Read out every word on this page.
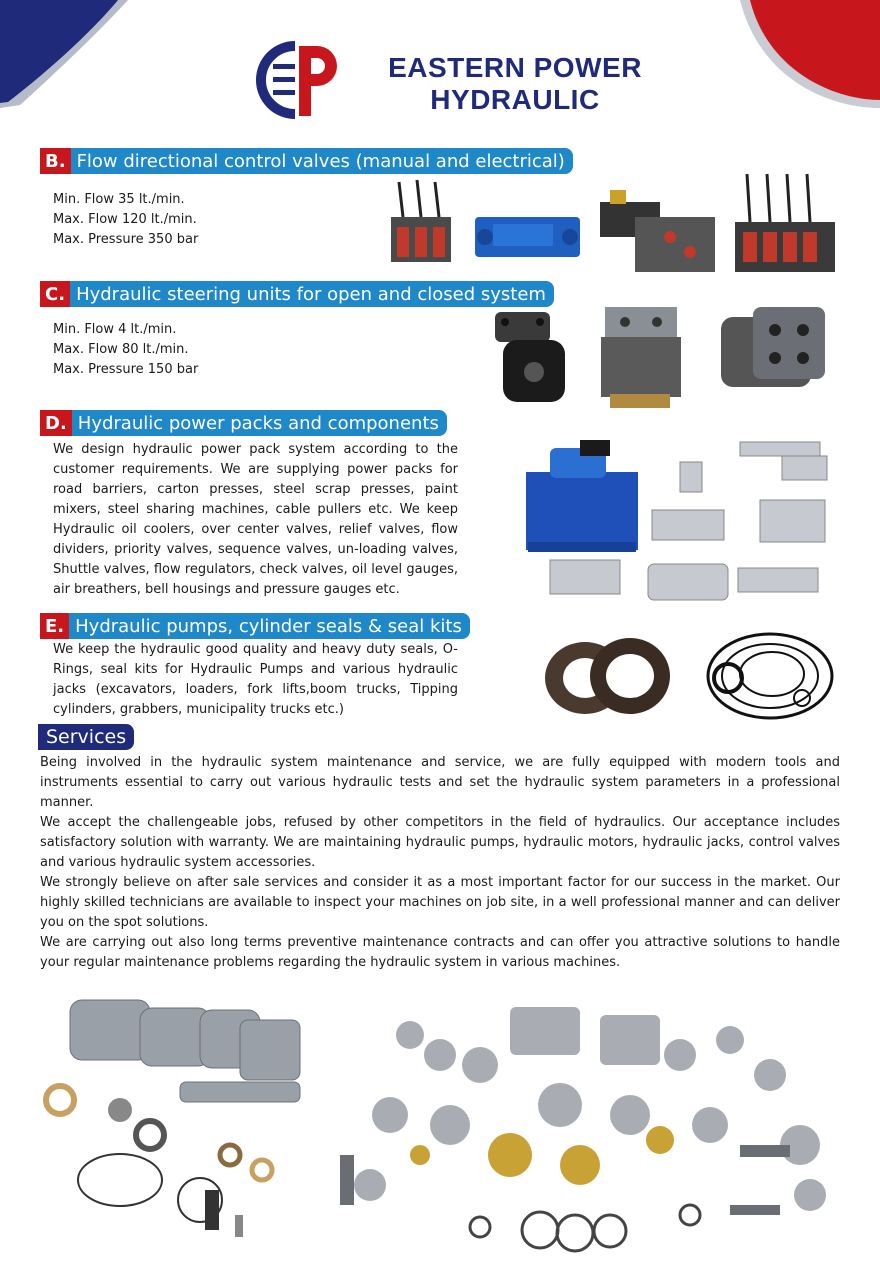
EASTERN POWER
HYDRAULIC
B. Flow directional control valves (manual and electrical)
Min. Flow 35 lt./min.
Max. Flow 120 lt./min.
Max. Pressure 350 bar
C. Hydraulic steering units for open and closed system
Min. Flow 4 lt./min.
Max. Flow 80 lt./min.
Max. Pressure 150 bar
D. Hydraulic power packs and components
We design hydraulic power pack system according to the customer requirements. We are supplying power packs for road barriers, carton presses, steel scrap presses, paint mixers, steel sharing machines, cable pullers etc. We keep Hydraulic oil coolers, over center valves, relief valves, flow dividers, priority valves, sequence valves, un-loading valves, Shuttle valves, flow regulators, check valves, oil level gauges, air breathers, bell housings and pressure gauges etc.
E. Hydraulic pumps, cylinder seals & seal kits
We keep the hydraulic good quality and heavy duty seals, O-Rings, seal kits for Hydraulic Pumps and various hydraulic jacks (excavators, loaders, fork lifts,boom trucks, Tipping cylinders, grabbers, municipality trucks etc.)
Services

Being involved in the hydraulic system maintenance and service, we are fully equipped with modern tools and instruments essential to carry out various hydraulic tests and set the hydraulic system parameters in a professional manner.

We accept the challengeable jobs, refused by other competitors in the field of hydraulics. Our acceptance includes satisfactory solution with warranty. We are maintaining hydraulic pumps, hydraulic motors, hydraulic jacks, control valves and various hydraulic system accessories.

We strongly believe on after sale services and consider it as a most important factor for our success in the market. Our highly skilled technicians are available to inspect your machines on job site, in a well professional manner and can deliver you on the spot solutions.

We are carrying out also long terms preventive maintenance contracts and can offer you attractive solutions to handle your regular maintenance problems regarding the hydraulic system in various machines.
